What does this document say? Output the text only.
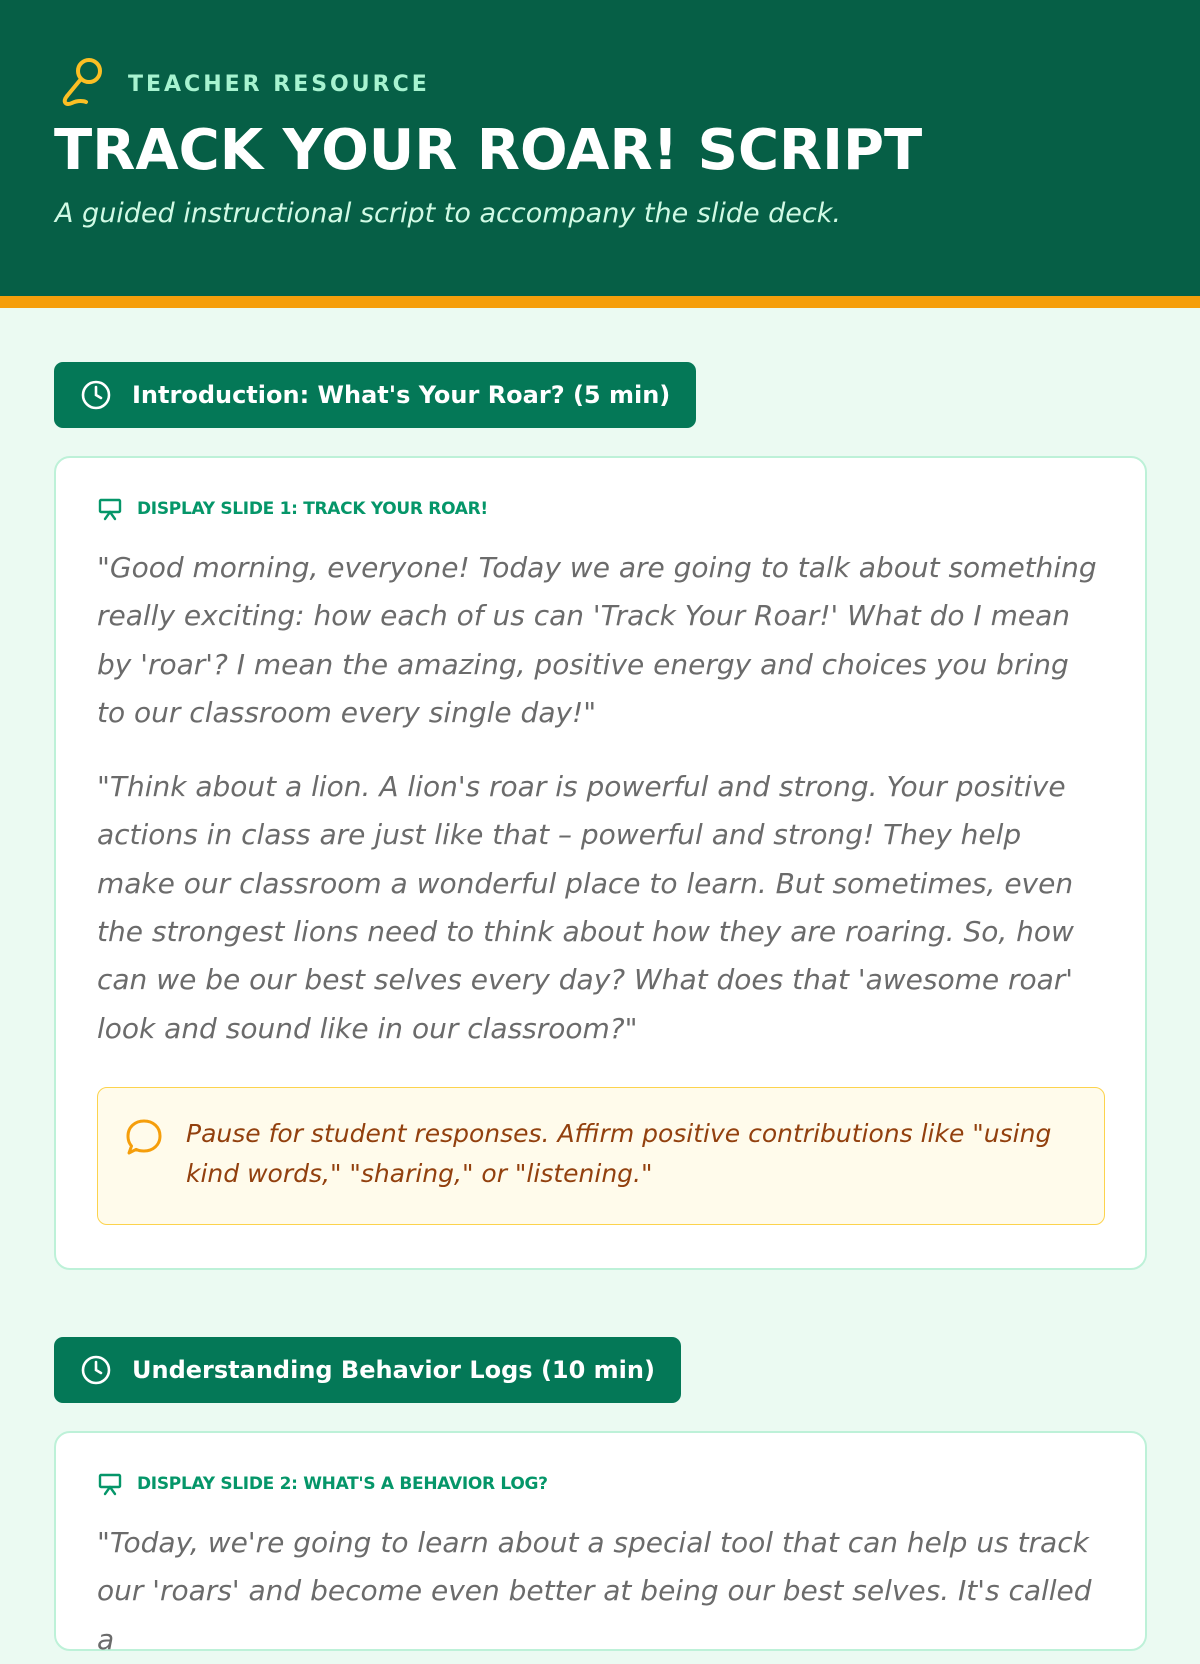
TEACHER RESOURCE
TRACK YOUR ROAR! SCRIPT

A guided instructional script to accompany the slide deck.

Introduction: What's Your Roar? (5 min)
DISPLAY SLIDE 1: TRACK YOUR ROAR!

"Good morning, everyone! Today we are going to talk about something really exciting: how each of us can 'Track Your Roar!' What do I mean by 'roar'? I mean the amazing, positive energy and choices you bring to our classroom every single day!"

"Think about a lion. A lion's roar is powerful and strong. Your positive actions in class are just like that – powerful and strong! They help make our classroom a wonderful place to learn. But sometimes, even the strongest lions need to think about how they are roaring. So, how can we be our best selves every day? What does that 'awesome roar' look and sound like in our classroom?"

Pause for student responses. Affirm positive contributions like "using kind words," "sharing," or "listening."

Understanding Behavior Logs (10 min)
DISPLAY SLIDE 2: WHAT'S A BEHAVIOR LOG?

"Today, we're going to learn about a special tool that can help us track our 'roars' and become even better at being our best selves. It's called a
